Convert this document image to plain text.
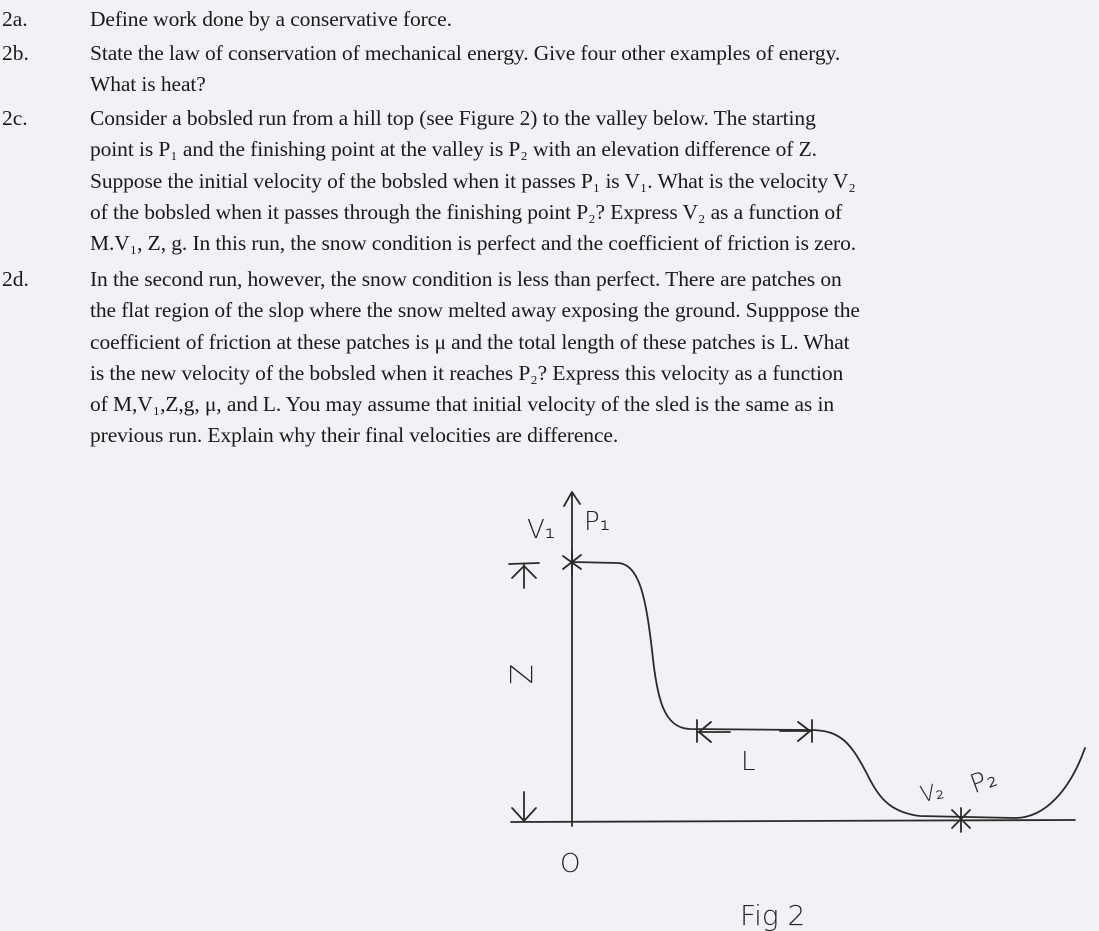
2a.	Define work done by a conservative force.
2b.	State the law of conservation of mechanical energy. Give four other examples of energy.
What is heat?
2c.	Consider a bobsled run from a hill top (see Figure 2) to the valley below. The starting
point is P₁ and the finishing point at the valley is P₂ with an elevation difference of Z.
Suppose the initial velocity of the bobsled when it passes P₁ is V₁. What is the velocity V₂
of the bobsled when it passes through the finishing point P₂? Express V₂ as a function of
M.V₁, Z, g. In this run, the snow condition is perfect and the coefficient of friction is zero.
2d.	In the second run, however, the snow condition is less than perfect. There are patches on
the flat region of the slop where the snow melted away exposing the ground. Supppose the
coefficient of friction at these patches is μ and the total length of these patches is L. What
is the new velocity of the bobsled when it reaches P₂? Express this velocity as a function
of M,V₁,Z,g, μ, and L. You may assume that initial velocity of the sled is the same as in
previous run. Explain why their final velocities are difference.
V₁ P₁
Z
L
V₂ P₂
O
Fig 2
